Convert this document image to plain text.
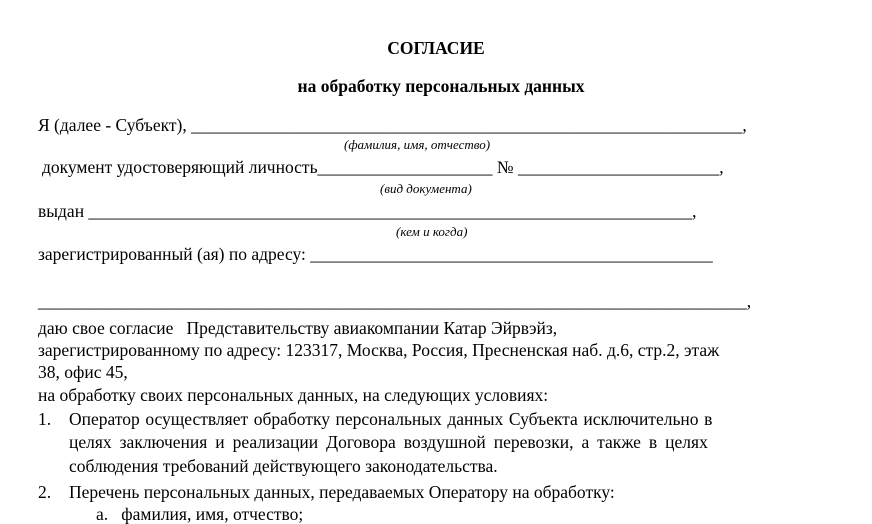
СОГЛАСИЕ
на обработку персональных данных
Я (далее - Субъект), _______________________________________________________________,
(фамилия, имя, отчество)
документ удостоверяющий личность____________________ № _______________________,
(вид документа)
выдан _____________________________________________________________________,
(кем и когда)
зарегистрированный (ая) по адресу: ______________________________________________
_________________________________________________________________________________,
даю свое согласие   Представительству авиакомпании Катар Эйрвэйз,
зарегистрированному по адресу: 123317, Москва, Россия, Пресненская наб. д.6, стр.2, этаж
38, офис 45,
на обработку своих персональных данных, на следующих условиях:
1. Оператор осуществляет обработку персональных данных Субъекта исключительно в
целях заключения и реализации Договора воздушной перевозки, а также в целях
соблюдения требований действующего законодательства.
2. Перечень персональных данных, передаваемых Оператору на обработку:
а.   фамилия, имя, отчество;
